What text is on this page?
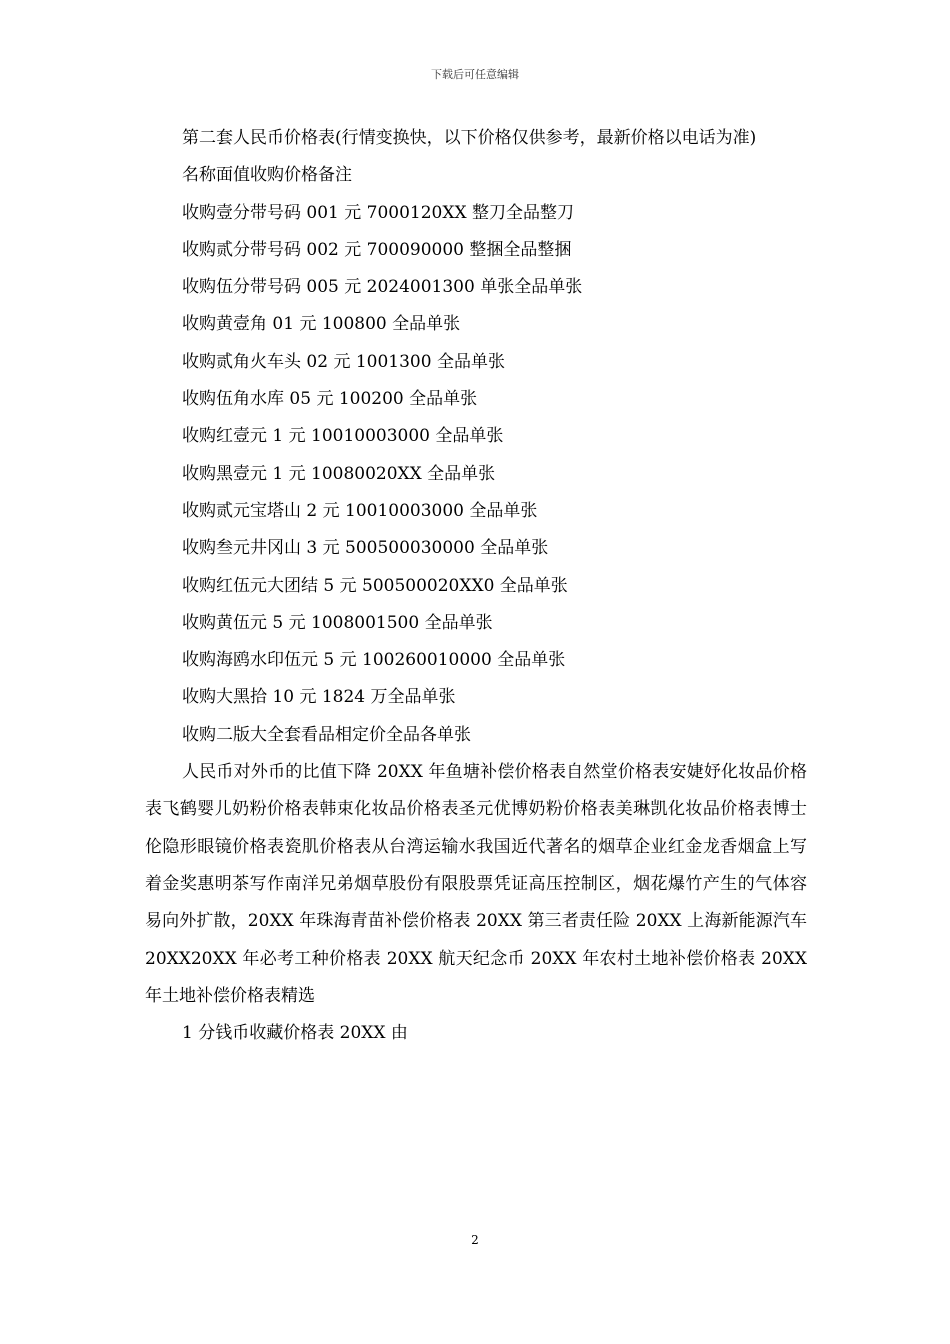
下载后可任意编辑

第二套人民币价格表(行情变换快，以下价格仅供参考，最新价格以电话为准)

名称面值收购价格备注

收购壹分带号码 001 元 7000120XX 整刀全品整刀

收购贰分带号码 002 元 700090000 整捆全品整捆

收购伍分带号码 005 元 2024001300 单张全品单张

收购黄壹角 01 元 100800 全品单张

收购贰角火车头 02 元 1001300 全品单张

收购伍角水库 05 元 100200 全品单张

收购红壹元 1 元 10010003000 全品单张

收购黑壹元 1 元 10080020XX 全品单张

收购贰元宝塔山 2 元 10010003000 全品单张

收购叁元井冈山 3 元 500500030000 全品单张

收购红伍元大团结 5 元 500500020XX0 全品单张

收购黄伍元 5 元 1008001500 全品单张

收购海鸥水印伍元 5 元 100260010000 全品单张

收购大黑拾 10 元 1824 万全品单张

收购二版大全套看品相定价全品各单张

人民币对外币的比值下降 20XX 年鱼塘补偿价格表自然堂价格表安婕妤化妆品价格表飞鹤婴儿奶粉价格表韩束化妆品价格表圣元优博奶粉价格表美琳凯化妆品价格表博士伦隐形眼镜价格表瓷肌价格表从台湾运输水我国近代著名的烟草企业红金龙香烟盒上写着金奖惠明茶写作南洋兄弟烟草股份有限股票凭证高压控制区，烟花爆竹产生的气体容易向外扩散，20XX 年珠海青苗补偿价格表 20XX 第三者责任险 20XX 上海新能源汽车 20XX20XX 年必考工种价格表 20XX 航天纪念币 20XX 年农村土地补偿价格表 20XX 年土地补偿价格表精选

1 分钱币收藏价格表 20XX 由

2
